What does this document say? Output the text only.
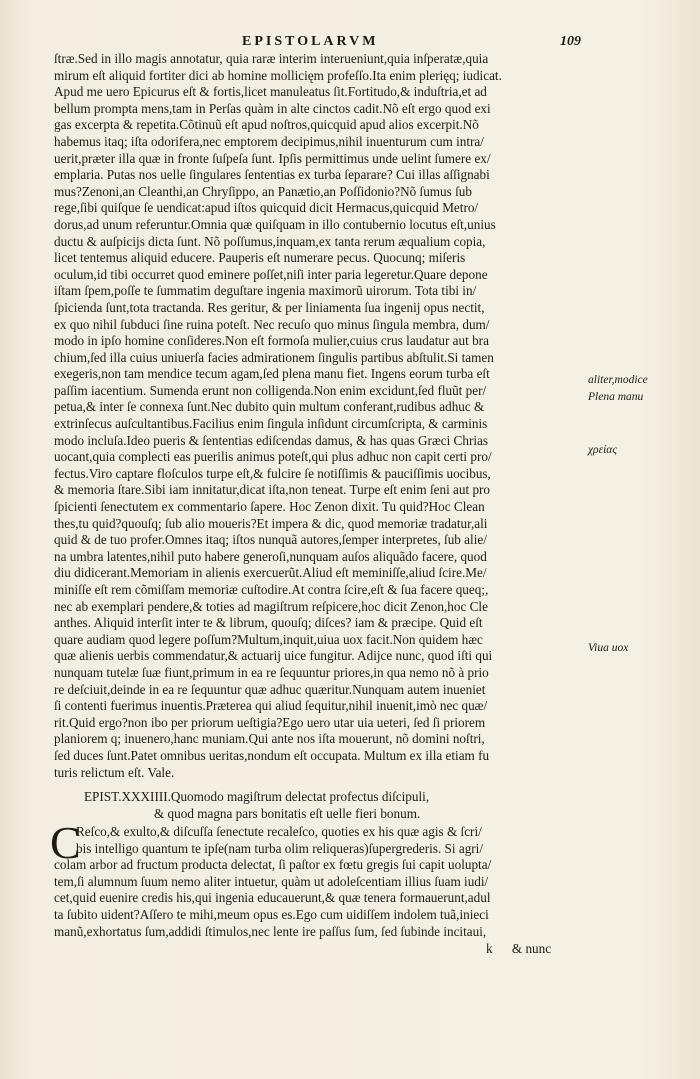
EPISTOLARVM	109
ſtræ.Sed in illo magis annotatur, quia raræ interim interueniunt,quia inſperatæ,quia
mirum eſt aliquid fortiter dici ab homine mollicięm profeſſo.Ita enim plerięq; iudicat.
Apud me uero Epicurus eſt & fortis,licet manuleatus ſit.Fortitudo,& induſtria,et ad
bellum prompta mens,tam in Perſas quàm in alte cinctos cadit.Nõ eſt ergo quod exi
gas excerpta & repetita.Cõtinuũ eſt apud noſtros,quicquid apud alios excerpit.Nõ
habemus itaq; iſta odorifera,nec emptorem decipimus,nihil inuenturum cum intra/
uerit,præter illa quæ in fronte ſuſpeſa ſunt. Ipſis permittimus unde uelint ſumere ex/
emplaria. Putas nos uelle ſingulares ſententias ex turba ſeparare? Cui illas aſſignabi
mus?Zenoni,an Cleanthi,an Chryſippo, an Panætio,an Poſſidonio?Nõ ſumus ſub
rege,ſibi quiſque ſe uendicat:apud iſtos quicquid dicit Hermacus,quicquid Metro/
dorus,ad unum referuntur.Omnia quæ quiſquam in illo contubernio locutus eſt,unius
ductu & auſpicijs dicta ſunt. Nõ poſſumus,inquam,ex tanta rerum æqualium copia,
licet tentemus aliquid educere. Pauperis eſt numerare pecus. Quocunq; miſeris
oculum,id tibi occurret quod eminere poſſet,niſi inter paria legeretur.Quare depone
iſtam ſpem,poſſe te ſummatim deguſtare ingenia maximorũ uirorum. Tota tibi in/
ſpicienda ſunt,tota tractanda. Res geritur, & per liniamenta ſua ingenij opus nectit,
ex quo nihil ſubduci ſine ruina poteſt. Nec recuſo quo minus ſingula membra, dum/
modo in ipſo homine conſideres.Non eſt formoſa mulier,cuius crus laudatur aut bra
chium,ſed illa cuius uniuerſa facies admirationem ſingulis partibus abſtulit.Si tamen
exegeris,non tam mendice tecum agam,ſed plena manu fiet. Ingens eorum turba eſt
paſſim iacentium. Sumenda erunt non colligenda.Non enim excidunt,ſed fluũt per/
petua,& inter ſe connexa ſunt.Nec dubito quin multum conferant,rudibus adhuc &
extrinſecus auſcultantibus.Facilius enim ſingula inſidunt circumſcripta, & carminis
modo incluſa.Ideo pueris & ſententias ediſcendas damus, & has quas Græci Chrias
uocant,quia complecti eas puerilis animus poteſt,qui plus adhuc non capit certi pro/
fectus.Viro captare floſculos turpe eſt,& fulcire ſe notiſſimis & pauciſſimis uocibus,
& memoria ſtare.Sibi iam innitatur,dicat iſta,non teneat. Turpe eſt enim ſeni aut pro
ſpicienti ſenectutem ex commentario ſapere. Hoc Zenon dixit. Tu quid?Hoc Clean
thes,tu quid?quouſq; ſub alio moueris?Et impera & dic, quod memoriæ tradatur,ali
quid & de tuo profer.Omnes itaq; iſtos nunquã autores,ſemper interpretes, ſub alie/
na umbra latentes,nihil puto habere generoſi,nunquam auſos aliquãdo facere, quod
diu didicerant.Memoriam in alienis exercuerũt.Aliud eſt meminiſſe,aliud ſcire.Me/
miniſſe eſt rem cõmiſſam memoriæ cuſtodire.At contra ſcire,eſt & ſua facere queq;,
nec ab exemplari pendere,& toties ad magiſtrum reſpicere,hoc dicit Zenon,hoc Cle
anthes. Aliquid interſit inter te & librum, quouſq; diſces? iam & præcipe. Quid eſt
quare audiam quod legere poſſum?Multum,inquit,uiua uox facit.Non quidem hæc
quæ alienis uerbis commendatur,& actuarij uice fungitur. Adijce nunc, quod iſti qui
nunquam tutelæ ſuæ fiunt,primum in ea re ſequuntur priores,in qua nemo nõ à prio
re deſciuit,deinde in ea re ſequuntur quæ adhuc quæritur.Nunquam autem inueniet
ſi contenti fuerimus inuentis.Præterea qui aliud ſequitur,nihil inuenit,imò nec quæ/
rit.Quid ergo?non ibo per priorum ueſtigia?Ego uero utar uia ueteri, ſed ſi priorem
planiorem q; inuenero,hanc muniam.Qui ante nos iſta mouerunt, nõ domini noſtri,
ſed duces ſunt.Patet omnibus ueritas,nondum eſt occupata. Multum ex illa etiam fu
turis relictum eſt. Vale.
aliter,modice
Plena manu
χρείας
Viua uox
EPIST.XXXIIII.Quomodo magiſtrum delectat profectus diſcipuli,
& quod magna pars bonitatis eſt uelle fieri bonum.
C
Reſco,& exulto,& diſcuſſa ſenectute recaleſco, quoties ex his quæ agis & ſcri/
bis intelligo quantum te ipſe(nam turba olim reliqueras)ſupergrederis. Si agri/
colam arbor ad fructum producta delectat, ſi paſtor ex fœtu gregis ſui capit uolupta/
tem,ſi alumnum ſuum nemo aliter intuetur, quàm ut adoleſcentiam illius ſuam iudi/
cet,quid euenire credis his,qui ingenia educauerunt,& quæ tenera formauerunt,adul
ta ſubito uident?Aſſero te mihi,meum opus es.Ego cum uidiſſem indolem tuã,inieci
manũ,exhortatus ſum,addidi ſtimulos,nec lente ire paſſus ſum, ſed ſubinde incitaui,
k & nunc
